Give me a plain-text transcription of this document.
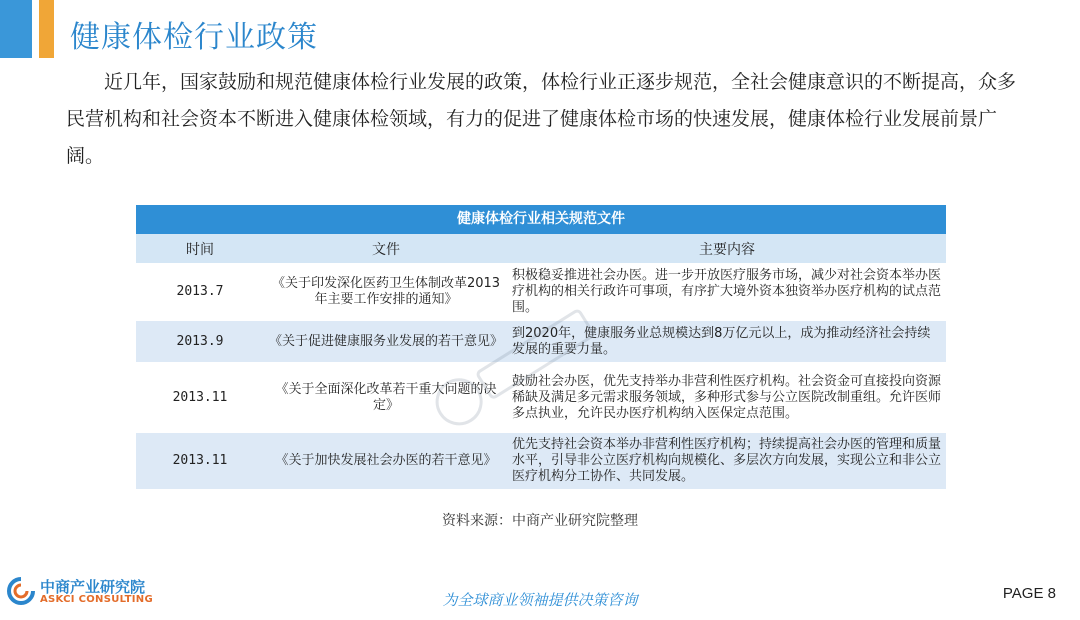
健康体检行业政策

近几年，国家鼓励和规范健康体检行业发展的政策，体检行业正逐步规范，全社会健康意识的不断提高，众多民营机构和社会资本不断进入健康体检领域，有力的促进了健康体检市场的快速发展，健康体检行业发展前景广阔。

健康体检行业相关规范文件
时间	文件	主要内容
2013.7	《关于印发深化医药卫生体制改革2013年主要工作安排的通知》	积极稳妥推进社会办医。进一步开放医疗服务市场，减少对社会资本举办医疗机构的相关行政许可事项，有序扩大境外资本独资举办医疗机构的试点范围。
2013.9	《关于促进健康服务业发展的若干意见》	到2020年，健康服务业总规模达到8万亿元以上，成为推动经济社会持续发展的重要力量。
2013.11	《关于全面深化改革若干重大问题的决定》	鼓励社会办医，优先支持举办非营利性医疗机构。社会资金可直接投向资源稀缺及满足多元需求服务领域，多种形式参与公立医院改制重组。允许医师多点执业，允许民办医疗机构纳入医保定点范围。
2013.11	《关于加快发展社会办医的若干意见》	优先支持社会资本举办非营利性医疗机构；持续提高社会办医的管理和质量水平，引导非公立医疗机构向规模化、多层次方向发展，实现公立和非公立医疗机构分工协作、共同发展。
资料来源：中商产业研究院整理
中商产业研究院
ASKCI CONSULTING	为全球商业领袖提供决策咨询	PAGE 8
